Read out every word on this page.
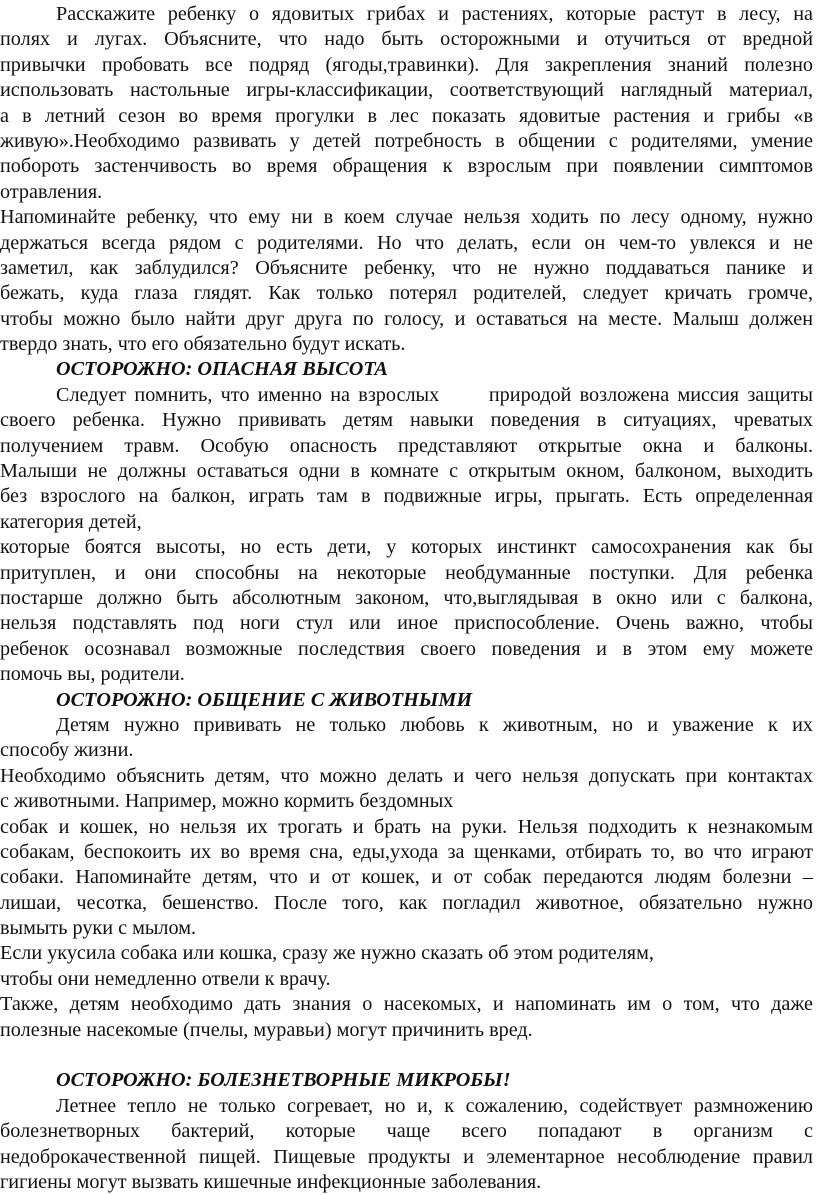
Расскажите ребенку о ядовитых грибах и растениях, которые растут в лесу, на
полях и лугах. Объясните, что надо быть осторожными и отучиться от вредной
привычки пробовать все подряд (ягоды,травинки). Для закрепления знаний полезно
использовать настольные игры-классификации, соответствующий наглядный материал,
а в летний сезон во время прогулки в лес показать ядовитые растения и грибы «в
живую».Необходимо развивать у детей потребность в общении с родителями, умение
побороть застенчивость во время обращения к взрослым при появлении симптомов
отравления.
Напоминайте ребенку, что ему ни в коем случае нельзя ходить по лесу одному, нужно
держаться всегда рядом с родителями. Но что делать, если он чем-то увлекся и не
заметил, как заблудился? Объясните ребенку, что не нужно поддаваться панике и
бежать, куда глаза глядят. Как только потерял родителей, следует кричать громче,
чтобы можно было найти друг друга по голосу, и оставаться на месте. Малыш должен
твердо знать, что его обязательно будут искать.
ОСТОРОЖНО: ОПАСНАЯ ВЫСОТА
Следует помнить, что именно на взрослых      природой возложена миссия защиты
своего ребенка. Нужно прививать детям навыки поведения в ситуациях, чреватых
получением травм. Особую опасность представляют открытые окна и балконы.
Малыши не должны оставаться одни в комнате с открытым окном, балконом, выходить
без взрослого на балкон, играть там в подвижные игры, прыгать. Есть определенная
категория детей,
которые боятся высоты, но есть дети, у которых инстинкт самосохранения как бы
притуплен, и они способны на некоторые необдуманные поступки. Для ребенка
постарше должно быть абсолютным законом, что,выглядывая в окно или с балкона,
нельзя подставлять под ноги стул или иное приспособление. Очень важно, чтобы
ребенок осознавал возможные последствия своего поведения и в этом ему можете
помочь вы, родители.
ОСТОРОЖНО: ОБЩЕНИЕ С ЖИВОТНЫМИ
Детям нужно прививать не только любовь к животным, но и уважение к их
способу жизни.
Необходимо объяснить детям, что можно делать и чего нельзя допускать при контактах
с животными. Например, можно кормить бездомных
собак и кошек, но нельзя их трогать и брать на руки. Нельзя подходить к незнакомым
собакам, беспокоить их во время сна, еды,ухода за щенками, отбирать то, во что играют
собаки. Напоминайте детям, что и от кошек, и от собак передаются людям болезни –
лишаи, чесотка, бешенство. После того, как погладил животное, обязательно нужно
вымыть руки с мылом.
Если укусила собака или кошка, сразу же нужно сказать об этом родителям,
чтобы они немедленно отвели к врачу.
Также, детям необходимо дать знания о насекомых, и напоминать им о том, что даже
полезные насекомые (пчелы, муравьи) могут причинить вред.
ОСТОРОЖНО: БОЛЕЗНЕТВОРНЫЕ МИКРОБЫ!
Летнее тепло не только согревает, но и, к сожалению, содействует размножению
болезнетворных бактерий, которые чаще всего попадают в организм с
недоброкачественной пищей. Пищевые продукты и элементарное несоблюдение правил
гигиены могут вызвать кишечные инфекционные заболевания.
